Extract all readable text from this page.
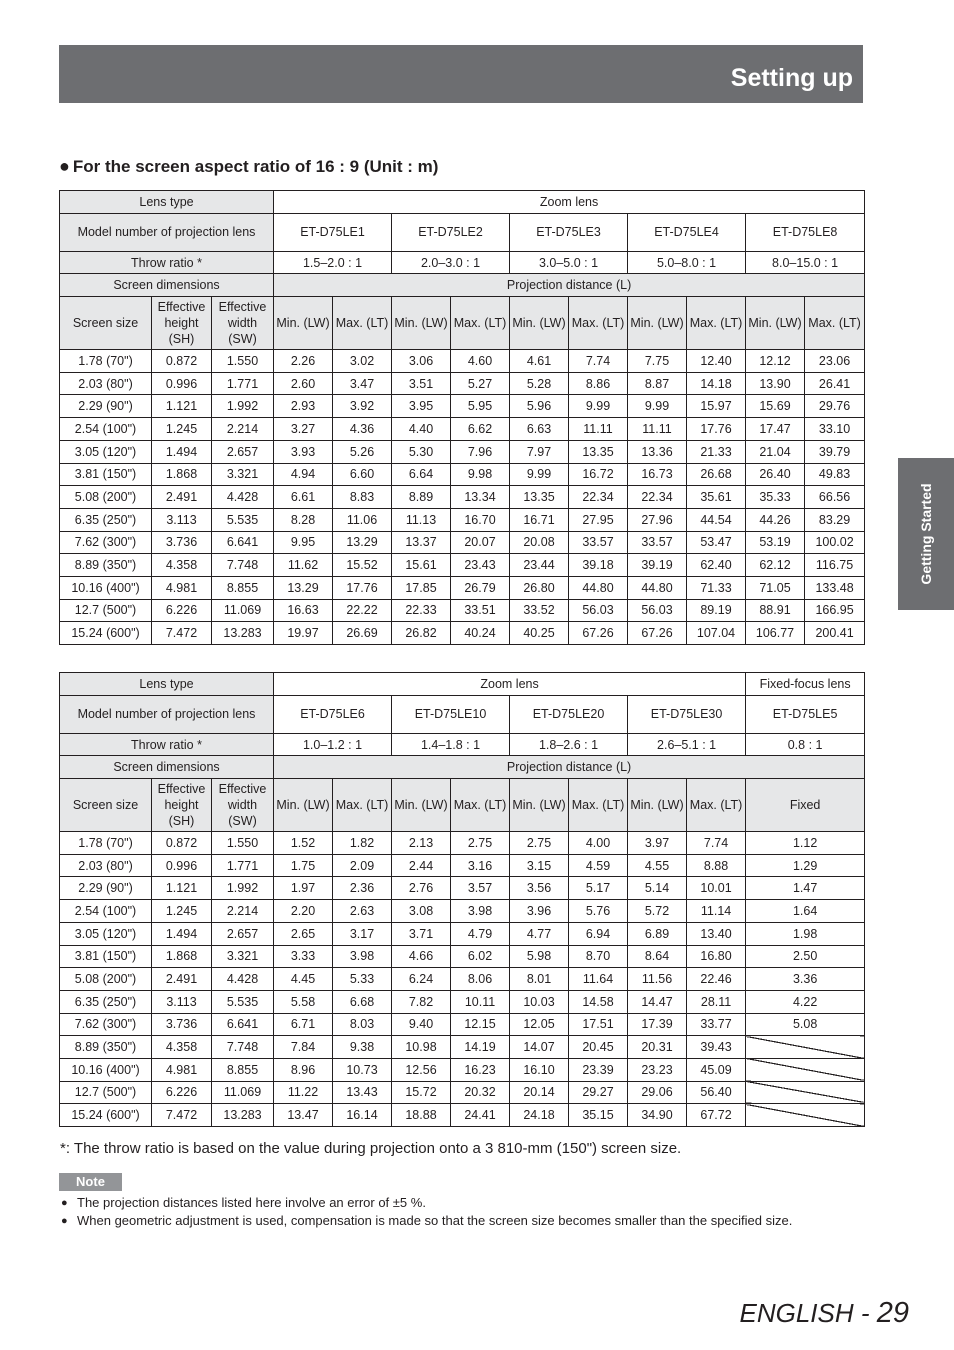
Setting up
Getting Started
● For the screen aspect ratio of 16 : 9 (Unit : m)
Lens type			Zoom lens									
Model number of projection lens			ET-D75LE1		ET-D75LE2		ET-D75LE3		ET-D75LE4		ET-D75LE8	
Throw ratio *			1.5–2.0 : 1		2.0–3.0 : 1		3.0–5.0 : 1		5.0–8.0 : 1		8.0–15.0 : 1	
Screen dimensions			Projection distance (L)									
Screen size	Effective height (SH)	Effective width (SW)	Min. (LW)	Max. (LT)	Min. (LW)	Max. (LT)	Min. (LW)	Max. (LT)	Min. (LW)	Max. (LT)	Min. (LW)	Max. (LT)
1.78 (70")	0.872	1.550	2.26	3.02	3.06	4.60	4.61	7.74	7.75	12.40	12.12	23.06
2.03 (80")	0.996	1.771	2.60	3.47	3.51	5.27	5.28	8.86	8.87	14.18	13.90	26.41
2.29 (90")	1.121	1.992	2.93	3.92	3.95	5.95	5.96	9.99	9.99	15.97	15.69	29.76
2.54 (100")	1.245	2.214	3.27	4.36	4.40	6.62	6.63	11.11	11.11	17.76	17.47	33.10
3.05 (120")	1.494	2.657	3.93	5.26	5.30	7.96	7.97	13.35	13.36	21.33	21.04	39.79
3.81 (150")	1.868	3.321	4.94	6.60	6.64	9.98	9.99	16.72	16.73	26.68	26.40	49.83
5.08 (200")	2.491	4.428	6.61	8.83	8.89	13.34	13.35	22.34	22.34	35.61	35.33	66.56
6.35 (250")	3.113	5.535	8.28	11.06	11.13	16.70	16.71	27.95	27.96	44.54	44.26	83.29
7.62 (300")	3.736	6.641	9.95	13.29	13.37	20.07	20.08	33.57	33.57	53.47	53.19	100.02
8.89 (350")	4.358	7.748	11.62	15.52	15.61	23.43	23.44	39.18	39.19	62.40	62.12	116.75
10.16 (400")	4.981	8.855	13.29	17.76	17.85	26.79	26.80	44.80	44.80	71.33	71.05	133.48
12.7 (500")	6.226	11.069	16.63	22.22	22.33	33.51	33.52	56.03	56.03	89.19	88.91	166.95
15.24 (600")	7.472	13.283	19.97	26.69	26.82	40.24	40.25	67.26	67.26	107.04	106.77	200.41
Lens type			Zoom lens								Fixed-focus lens
Model number of projection lens			ET-D75LE6		ET-D75LE10		ET-D75LE20		ET-D75LE30		ET-D75LE5
Throw ratio *			1.0–1.2 : 1		1.4–1.8 : 1		1.8–2.6 : 1		2.6–5.1 : 1		0.8 : 1
Screen dimensions			Projection distance (L)								
Screen size	Effective height (SH)	Effective width (SW)	Min. (LW)	Max. (LT)	Min. (LW)	Max. (LT)	Min. (LW)	Max. (LT)	Min. (LW)	Max. (LT)	Fixed
1.78 (70")	0.872	1.550	1.52	1.82	2.13	2.75	2.75	4.00	3.97	7.74	1.12
2.03 (80")	0.996	1.771	1.75	2.09	2.44	3.16	3.15	4.59	4.55	8.88	1.29
2.29 (90")	1.121	1.992	1.97	2.36	2.76	3.57	3.56	5.17	5.14	10.01	1.47
2.54 (100")	1.245	2.214	2.20	2.63	3.08	3.98	3.96	5.76	5.72	11.14	1.64
3.05 (120")	1.494	2.657	2.65	3.17	3.71	4.79	4.77	6.94	6.89	13.40	1.98
3.81 (150")	1.868	3.321	3.33	3.98	4.66	6.02	5.98	8.70	8.64	16.80	2.50
5.08 (200")	2.491	4.428	4.45	5.33	6.24	8.06	8.01	11.64	11.56	22.46	3.36
6.35 (250")	3.113	5.535	5.58	6.68	7.82	10.11	10.03	14.58	14.47	28.11	4.22
7.62 (300")	3.736	6.641	6.71	8.03	9.40	12.15	12.05	17.51	17.39	33.77	5.08
8.89 (350")	4.358	7.748	7.84	9.38	10.98	14.19	14.07	20.45	20.31	39.43	
10.16 (400")	4.981	8.855	8.96	10.73	12.56	16.23	16.10	23.39	23.23	45.09	
12.7 (500")	6.226	11.069	11.22	13.43	15.72	20.32	20.14	29.27	29.06	56.40	
15.24 (600")	7.472	13.283	13.47	16.14	18.88	24.41	24.18	35.15	34.90	67.72	
*: The throw ratio is based on the value during projection onto a 3 810-mm (150") screen size.
Note
● The projection distances listed here involve an error of ±5 %.
● When geometric adjustment is used, compensation is made so that the screen size becomes smaller than the specified size.
ENGLISH - 29
